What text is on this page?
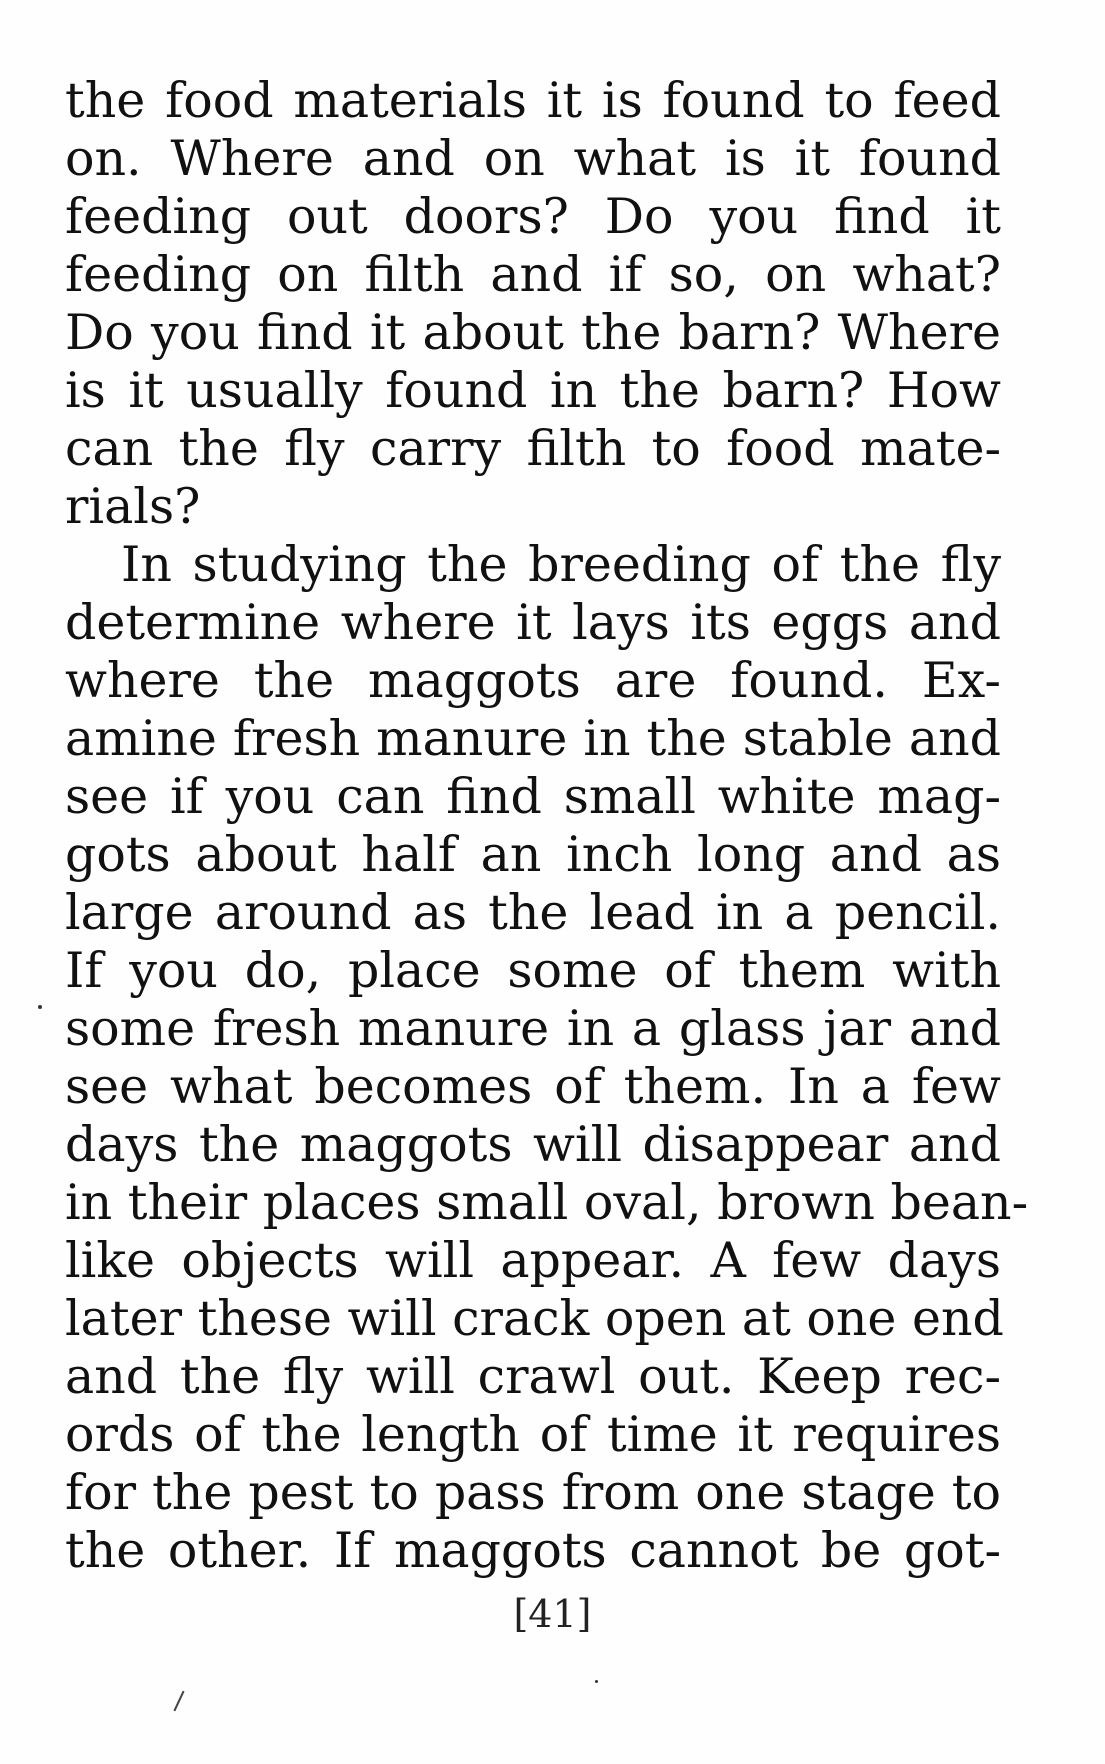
the food materials it is found to feed
on. Where and on what is it found
feeding out doors? Do you find it
feeding on filth and if so, on what?
Do you find it about the barn? Where
is it usually found in the barn? How
can the fly carry filth to food mate-
rials?
In studying the breeding of the fly
determine where it lays its eggs and
where the maggots are found. Ex-
amine fresh manure in the stable and
see if you can find small white mag-
gots about half an inch long and as
large around as the lead in a pencil.
If you do, place some of them with
some fresh manure in a glass jar and
see what becomes of them. In a few
days the maggots will disappear and
in their places small oval, brown bean-
like objects will appear. A few days
later these will crack open at one end
and the fly will crawl out. Keep rec-
ords of the length of time it requires
for the pest to pass from one stage to
the other. If maggots cannot be got-
[41]
